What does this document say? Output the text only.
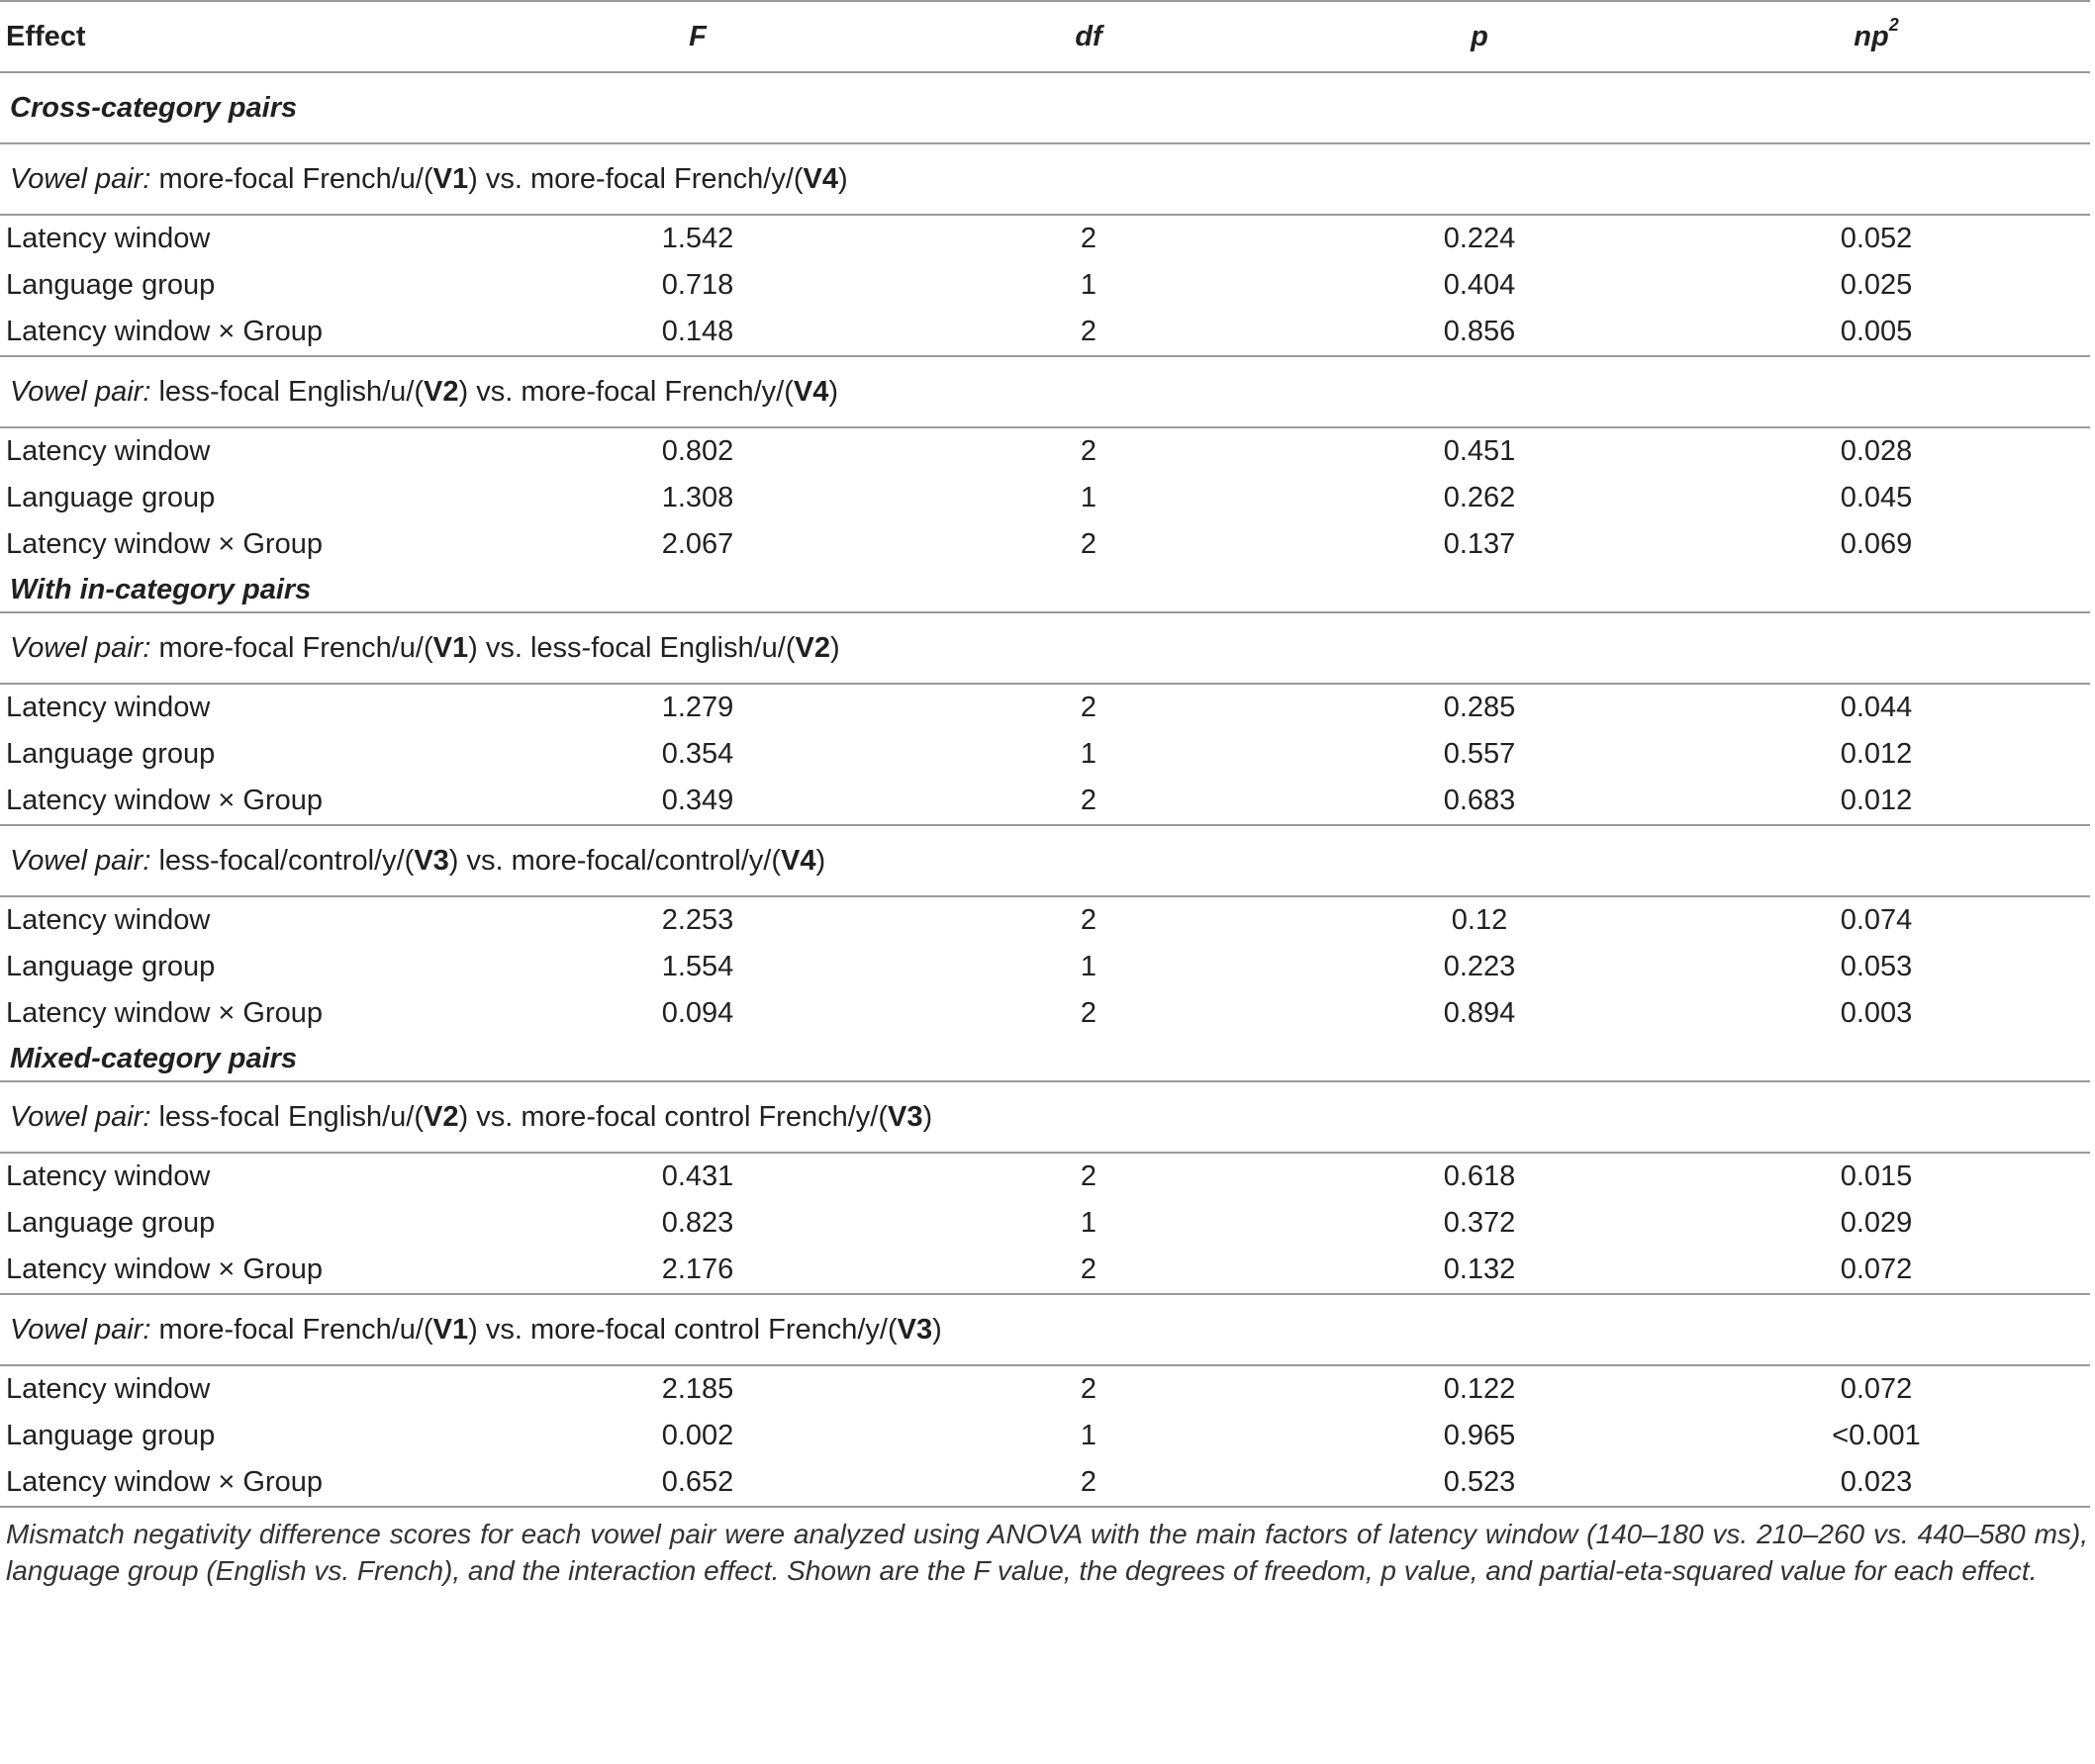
Effect	F	df	p	$np^2$
Cross-category pairs				
Vowel pair: more-focal French/u/(V1) vs. more-focal French/y/(V4)				
Latency window	1.542	2	0.224	0.052
Language group	0.718	1	0.404	0.025
Latency window × Group	0.148	2	0.856	0.005
Vowel pair: less-focal English/u/(V2) vs. more-focal French/y/(V4)				
Latency window	0.802	2	0.451	0.028
Language group	1.308	1	0.262	0.045
Latency window × Group	2.067	2	0.137	0.069
With in-category pairs				
Vowel pair: more-focal French/u/(V1) vs. less-focal English/u/(V2)				
Latency window	1.279	2	0.285	0.044
Language group	0.354	1	0.557	0.012
Latency window × Group	0.349	2	0.683	0.012
Vowel pair: less-focal/control/y/(V3) vs. more-focal/control/y/(V4)				
Latency window	2.253	2	0.12	0.074
Language group	1.554	1	0.223	0.053
Latency window × Group	0.094	2	0.894	0.003
Mixed-category pairs				
Vowel pair: less-focal English/u/(V2) vs. more-focal control French/y/(V3)				
Latency window	0.431	2	0.618	0.015
Language group	0.823	1	0.372	0.029
Latency window × Group	2.176	2	0.132	0.072
Vowel pair: more-focal French/u/(V1) vs. more-focal control French/y/(V3)				
Latency window	2.185	2	0.122	0.072
Language group	0.002	1	0.965	<0.001
Latency window × Group	0.652	2	0.523	0.023
Mismatch negativity difference scores for each vowel pair were analyzed using ANOVA with the main factors of latency window (140–180 vs. 210–260 vs. 440–580 ms), language group (English vs. French), and the interaction effect. Shown are the F value, the degrees of freedom, p value, and partial-eta-squared value for each effect.
